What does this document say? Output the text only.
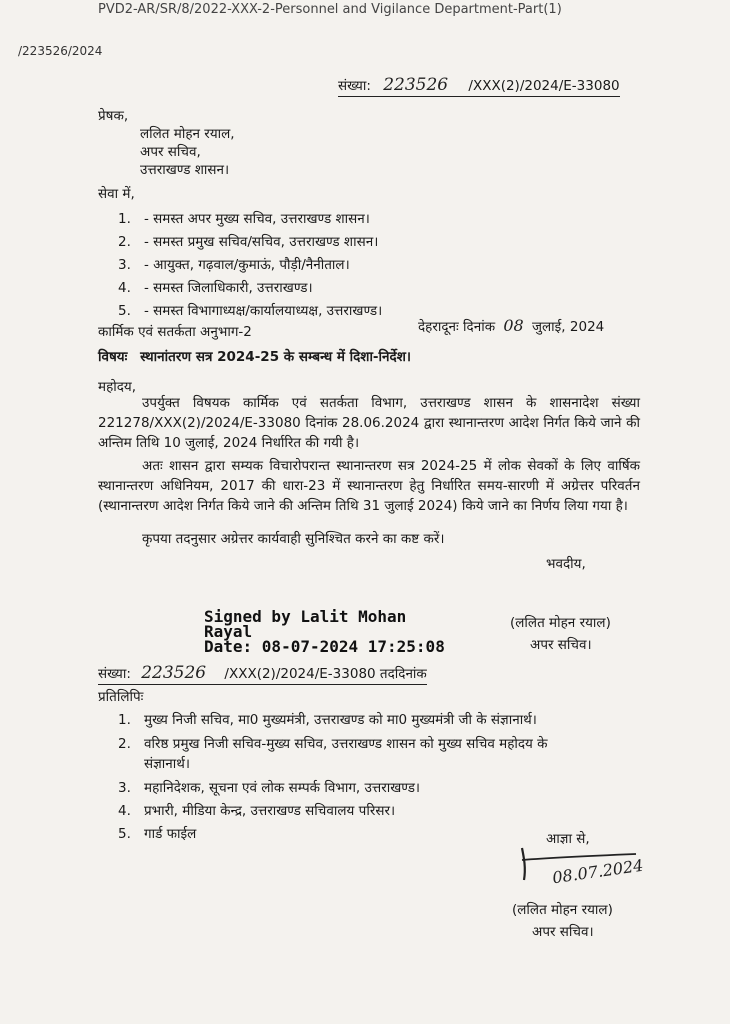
PVD2-AR/SR/8/2022-XXX-2-Personnel and Vigilance Department-Part(1)
/223526/2024
संख्या: 223526 /XXX(2)/2024/E-33080
प्रेषक,
ललित मोहन रयाल,
अपर सचिव,
उत्तराखण्ड शासन।
सेवा में,
1. - समस्त अपर मुख्य सचिव, उत्तराखण्ड शासन।
2. - समस्त प्रमुख सचिव/सचिव, उत्तराखण्ड शासन।
3. - आयुक्त, गढ़वाल/कुमाऊं, पौड़ी/नैनीताल।
4. - समस्त जिलाधिकारी, उत्तराखण्ड।
5. - समस्त विभागाध्यक्ष/कार्यालयाध्यक्ष, उत्तराखण्ड।
कार्मिक एवं सतर्कता अनुभाग-2	देहरादूनः दिनांक 08 जुलाई, 2024
विषयः स्थानांतरण सत्र 2024-25 के सम्बन्ध में दिशा-निर्देश।
महोदय,
उपर्युक्त विषयक कार्मिक एवं सतर्कता विभाग, उत्तराखण्ड शासन के शासनादेश संख्या 221278/XXX(2)/2024/E-33080 दिनांक 28.06.2024 द्वारा स्थानान्तरण आदेश निर्गत किये जाने की अन्तिम तिथि 10 जुलाई, 2024 निर्धारित की गयी है।
अतः शासन द्वारा सम्यक विचारोपरान्त स्थानान्तरण सत्र 2024-25 में लोक सेवकों के लिए वार्षिक स्थानान्तरण अधिनियम, 2017 की धारा-23 में स्थानान्तरण हेतु निर्धारित समय-सारणी में अग्रेत्तर परिवर्तन (स्थानान्तरण आदेश निर्गत किये जाने की अन्तिम तिथि 31 जुलाई 2024) किये जाने का निर्णय लिया गया है।
कृपया तदनुसार अग्रेत्तर कार्यवाही सुनिश्चित करने का कष्ट करें।
भवदीय,
Signed by Lalit Mohan
Rayal
Date: 08-07-2024 17:25:08
(ललित मोहन रयाल)
अपर सचिव।
संख्या: 223526 /XXX(2)/2024/E-33080 तददिनांक
प्रतिलिपिः
1. मुख्य निजी सचिव, मा0 मुख्यमंत्री, उत्तराखण्ड को मा0 मुख्यमंत्री जी के संज्ञानार्थ।
2. वरिष्ठ प्रमुख निजी सचिव-मुख्य सचिव, उत्तराखण्ड शासन को मुख्य सचिव महोदय के
संज्ञानार्थ।
3. महानिदेशक, सूचना एवं लोक सम्पर्क विभाग, उत्तराखण्ड।
4. प्रभारी, मीडिया केन्द्र, उत्तराखण्ड सचिवालय परिसर।
5. गार्ड फाईल	आज्ञा से,
08.07.2024
(ललित मोहन रयाल)
अपर सचिव।
